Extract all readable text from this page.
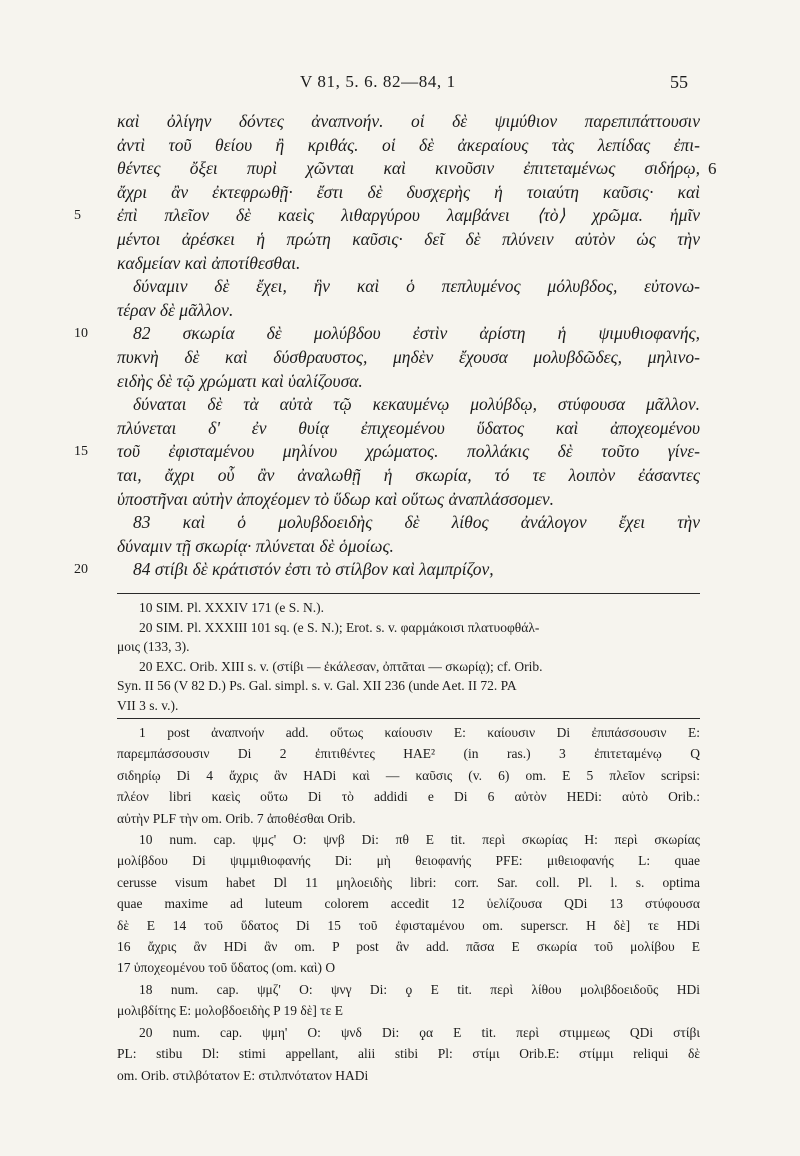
V 81, 5. 6. 82—84, 1	55
καὶ ὀλίγην δόντες ἀναπνοήν. οἱ δὲ ψιμύθιον παρεπιπάττουσιν
ἀντὶ τοῦ θείου ἢ κριθάς. οἱ δὲ ἀκεραίους τὰς λεπίδας ἐπι-
θέντες ὄξει πυρὶ χῶνται καὶ κινοῦσιν ἐπιτεταμένως σιδήρῳ, 6
ἄχρι ἂν ἐκτεφρωθῇ· ἔστι δὲ δυσχερὴς ἡ τοιαύτη καῦσις· καὶ
5 ἐπὶ πλεῖον δὲ καεὶς λιθαργύρου λαμβάνει ⟨τὸ⟩ χρῶμα. ἡμῖν
μέντοι ἀρέσκει ἡ πρώτη καῦσις· δεῖ δὲ πλύνειν αὐτὸν ὡς τὴν
καδμείαν καὶ ἀποτίθεσθαι.
δύναμιν δὲ ἔχει, ἣν καὶ ὁ πεπλυμένος μόλυβδος, εὐτονω-
τέραν δὲ μᾶλλον.
10	82 σκωρία δὲ μολύβδου ἐστὶν ἀρίστη ἡ ψιμυθιοφανής,
πυκνὴ δὲ καὶ δύσθραυστος, μηδὲν ἔχουσα μολυβδῶδες, μηλινο-
ειδὴς δὲ τῷ χρώματι καὶ ὑαλίζουσα.
δύναται δὲ τὰ αὐτὰ τῷ κεκαυμένῳ μολύβδῳ, στύφουσα μᾶλλον.
πλύνεται δ' ἐν θυίᾳ ἐπιχεομένου ὕδατος καὶ ἀποχεομένου
15 τοῦ ἐφισταμένου μηλίνου χρώματος. πολλάκις δὲ τοῦτο γίνε-
ται, ἄχρι οὗ ἂν ἀναλωθῇ ἡ σκωρία, τό τε λοιπὸν ἐάσαντες
ὑποστῆναι αὐτὴν ἀποχέομεν τὸ ὕδωρ καὶ οὕτως ἀναπλάσσομεν.
83 καὶ ὁ μολυβδοειδὴς δὲ λίθος ἀνάλογον ἔχει τὴν
δύναμιν τῇ σκωρίᾳ· πλύνεται δὲ ὁμοίως.
20	84 στίβι δὲ κράτιστόν ἐστι τὸ στίλβον καὶ λαμπρίζον,
10 SIM. Pl. XXXIV 171 (e S. N.).
20 SIM. Pl. XXXIII 101 sq. (e S. N.); Erot. s. v. φαρμάκοισι πλατυοφθάλ-
μοις (133, 3).
20 EXC. Orib. XIII s. v. (στίβι — ἐκάλεσαν, ὀπτᾶται — σκωρίᾳ); cf. Orib.
Syn. II 56 (V 82 D.) Ps. Gal. simpl. s. v. Gal. XII 236 (unde Aet. II 72. PA
VII 3 s. v.).
1 post ἀναπνοήν add. οὕτως καίουσιν E: καίουσιν Di ἐπιπάσσουσιν E:
παρεμπάσσουσιν Di 2 ἐπιτιθέντες HAE² (in ras.) 3 ἐπιτεταμένῳ Q
σιδηρίῳ Di 4 ἄχρις ἂν HADi καὶ — καῦσις (v. 6) om. E 5 πλεῖον scripsi:
πλέον libri καεὶς οὕτω Di τὸ addidi e Di 6 αὐτὸν HEDi: αὐτὸ Orib.:
αὐτὴν PLF τὴν om. Orib. 7 ἀποθέσθαι Orib.
10 num. cap. ψμϛ' O: ψνβ Di: πθ E tit. περὶ σκωρίας H: περὶ σκωρίας
μολίβδου Di ψιμμιθιοφανής Di: μὴ θειοφανής PFE: μιθειοφανής L: quae
cerusse visum habet Dl 11 μηλοειδὴς libri: corr. Sar. coll. Pl. l. s. optima
quae maxime ad luteum colorem accedit 12 ὑελίζουσα QDi 13 στύφουσα
δὲ E 14 τοῦ ὕδατος Di 15 τοῦ ἐφισταμένου om. superscr. H δὲ] τε HDi
16 ἄχρις ἂν HDi ἂν om. P post ἂν add. πᾶσα E σκωρία τοῦ μολίβου E
17 ὑποχεομένου τοῦ ὕδατος (om. καὶ) O
18 num. cap. ψμζ' O: ψνγ Di: ϙ E tit. περὶ λίθου μολιβδοειδοῦς HDi
μολιβδίτης E: μολοβδοειδὴς P 19 δὲ] τε E
20 num. cap. ψμη' O: ψνδ Di: ϙα E tit. περὶ στιμμεως QDi στίβι
PL: stibu Dl: stimi appellant, alii stibi Pl: στίμι Orib.E: στίμμι reliqui δὲ
om. Orib. στιλβότατον E: στιλπνότατον HADi
